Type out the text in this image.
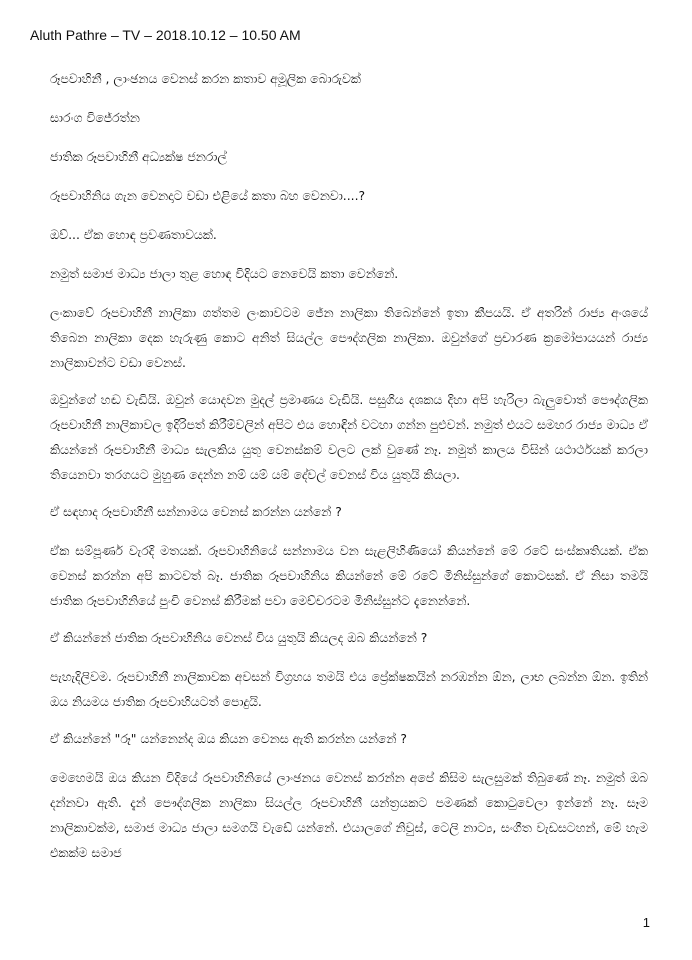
Aluth Pathre – TV – 2018.10.12 – 10.50 AM

රූපවාහිනී , ලාංඡනය වෙනස් කරන කතාව අමූලික බොරුවක්

සාරංග විජේරත්න

ජාතික රූපවාහිනී අධ්‍යක්ෂ ජනරාල්

රූපවාහිනිය ගැන වෙනදාට වඩා එළියේ කතා බහ වෙනවා....?

ඔව්... ඒක හොඳ ප්‍රවණතාවයක්.

නමුත් සමාජ මාධ්‍ය ජාලා තුළ හොඳ විදියට නෙවෙයි කතා වෙන්නේ.

ලංකාවේ රූපවාහිනී නාලිකා ගත්තම ලංකාවටම ජේන නාලිකා තිබෙන්නේ ඉතා කීපයයි. ඒ අතරින් රාජ්‍ය අංශයේ තිබෙන නාලිකා දෙක හැරුණු කොට අනිත් සියල්ල පෞද්ගලික නාලිකා. ඔවුන්ගේ ප්‍රචාරණ ක්‍රමෝපායයන් රාජ්‍ය නාලිකාවන්ට වඩා වෙනස්.

ඔවුන්ගේ හඬ වැඩියි. ඔවුන් යොදවන මුදල් ප්‍රමාණය වැඩියි. පසුගිය දශකය දිහා අපි හැරිලා බැලුවොත් පෞද්ගලික රූපවාහිනී නාලිකාවල ඉදිරිපත් කිරීම්වලින් අපිට එය හොඳින් වටහා ගන්න පුළුවන්. නමුත් එයට සමහර රාජ්‍ය මාධ්‍ය ඒ කියන්නේ රූපවාහිනී මාධ්‍ය සැලකිය යුතු වෙනස්කම් වලට ලක් වුණේ නෑ. නමුත් කාලය විසින් යථාර්ථයක් කරලා තියෙනවා තරගයට මුහුණ දෙන්න නම් යම් යම් දේවල් වෙනස් විය යුතුයි කියලා.

ඒ සඳහාද රූපවාහිනී සන්නාමය වෙනස් කරන්න යන්නේ ?

ඒක සම්පූර්ණ වැරදි මතයක්. රූපවාහිනියේ සන්නාමය වන සැළලිහිණියෝ කියන්නේ මේ රටේ සංස්කෘතියක්. ඒක වෙනස් කරන්න අපි කාටවත් බෑ. ජාතික රූපවාහිනිය කියන්නේ මේ රටේ මිනිස්සුන්ගේ කොටසක්. ඒ නිසා තමයි ජාතික රූපවාහිනියේ පුංචි වෙනස් කිරීමක් පවා මෙච්චරටම මිනිස්සුන්ට දැනෙන්නේ.

ඒ කියන්නේ ජාතික රූපවාහිනිය වෙනස් විය යුතුයි කියලද ඔබ කියන්නේ ?

පැහැදිලිවම. රූපවාහිනී නාලිකාවක අවසන් විග්‍රහය තමයි එය ප්‍රේක්ෂකයින් නරඹන්න ඕන, ලාභ ලබන්න ඕන. ඉතින් ඔය නියමය ජාතික රූපවාහියටත් පොදුයි.

ඒ කියන්නේ "රූ" යන්නෙන්ද ඔය කියන වෙනස ඇති කරන්න යන්නේ ?

මෙහෙමයි ඔය කියන විදියේ රූපවාහිනියේ ලාංඡනය වෙනස් කරන්න අපේ කිසිම සැලසුමක් තිබුණේ නෑ. නමුත් ඔබ දන්නවා ඇති. දැන් පෞද්ගලික නාලිකා සියල්ල රූපවාහිනී යන්ත්‍රයකට පමණක් කොටුවෙලා ඉන්නේ නෑ. සෑම නාලිකාවක්ම, සමාජ මාධ්‍ය ජාලා සමගයි වැඩේ යන්නේ. එයාලගේ නිවුස්, ටෙලි නාට්‍ය, සංගීත වැඩසටහන්, මේ හැම එකක්ම සමාජ

1
